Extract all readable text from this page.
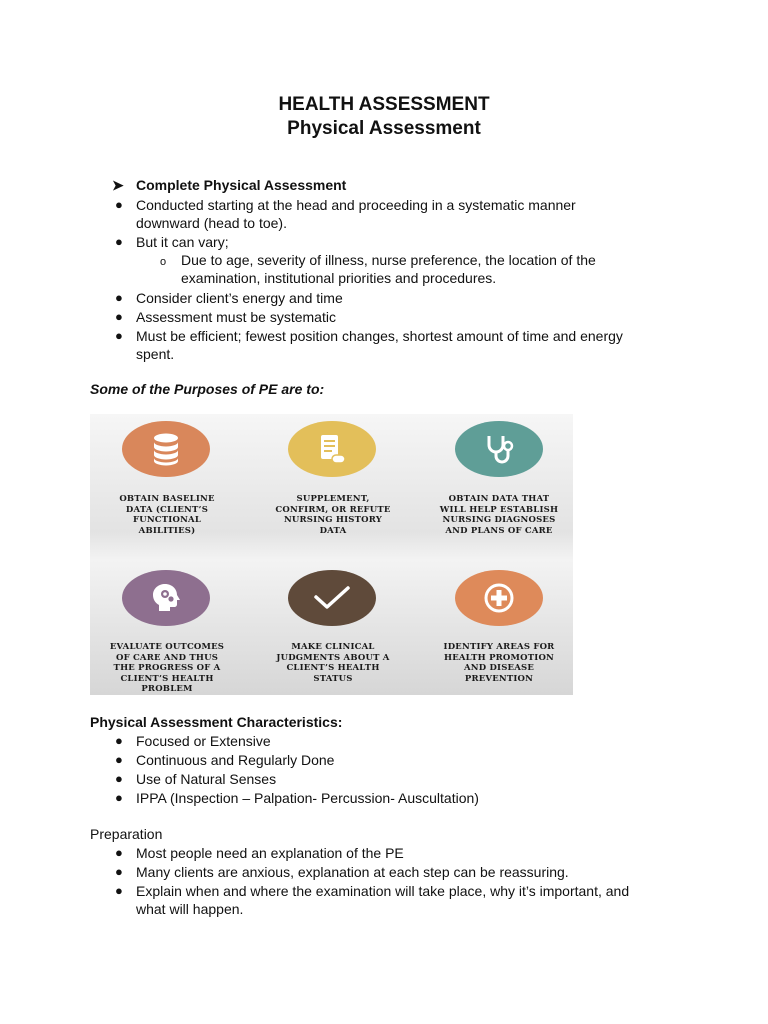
HEALTH ASSESSMENT
Physical Assessment
➤ Complete Physical Assessment
● Conducted starting at the head and proceeding in a systematic manner
downward (head to toe).
● But it can vary;
o Due to age, severity of illness, nurse preference, the location of the
examination, institutional priorities and procedures.
● Consider client’s energy and time
● Assessment must be systematic
● Must be efficient; fewest position changes, shortest amount of time and energy
spent.
Some of the Purposes of PE are to:
OBTAIN BASELINE
DATA (CLIENT’S
FUNCTIONAL
ABILITIES)
SUPPLEMENT,
CONFIRM, OR REFUTE
NURSING HISTORY
DATA
OBTAIN DATA THAT
WILL HELP ESTABLISH
NURSING DIAGNOSES
AND PLANS OF CARE
EVALUATE OUTCOMES
OF CARE AND THUS
THE PROGRESS OF A
CLIENT’S HEALTH
PROBLEM
MAKE CLINICAL
JUDGMENTS ABOUT A
CLIENT’S HEALTH
STATUS
IDENTIFY AREAS FOR
HEALTH PROMOTION
AND DISEASE
PREVENTION
Physical Assessment Characteristics:
● Focused or Extensive
● Continuous and Regularly Done
● Use of Natural Senses
● IPPA (Inspection – Palpation- Percussion- Auscultation)
Preparation
● Most people need an explanation of the PE
● Many clients are anxious, explanation at each step can be reassuring.
● Explain when and where the examination will take place, why it’s important, and
what will happen.
